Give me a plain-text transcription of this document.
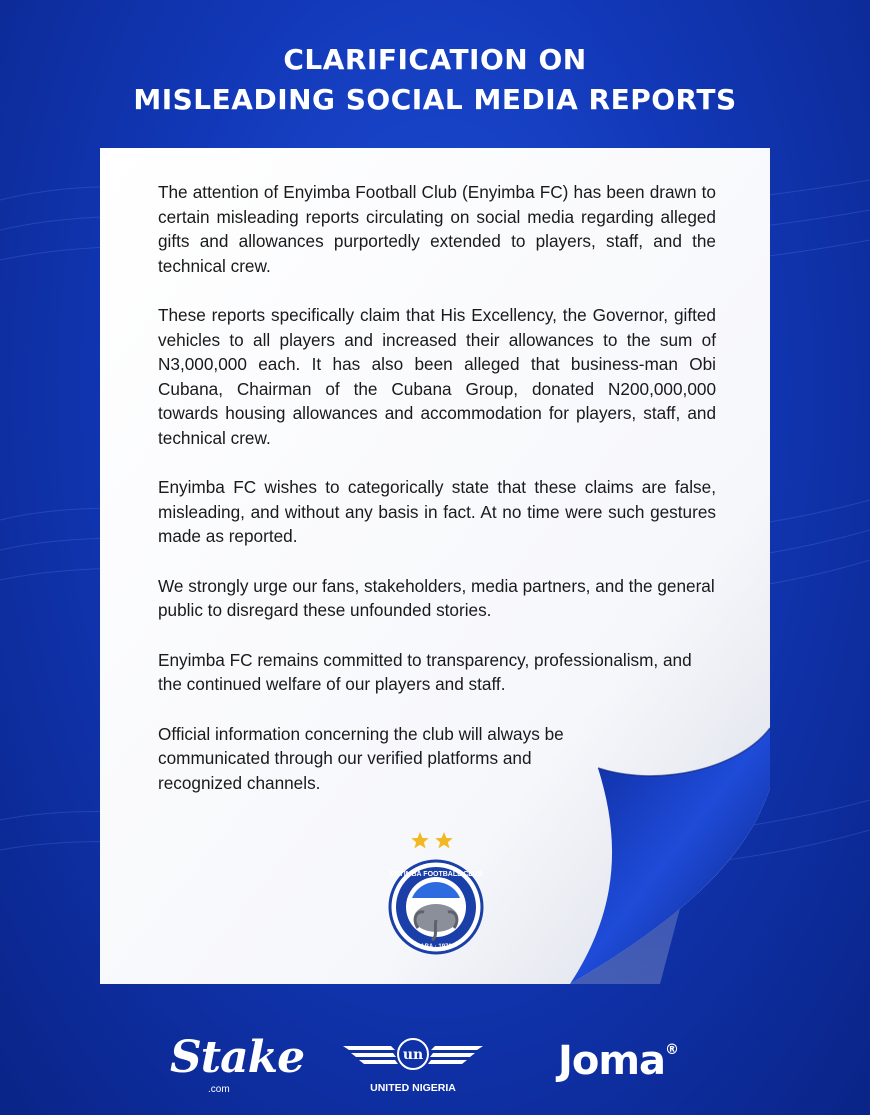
CLARIFICATION ON
MISLEADING SOCIAL MEDIA REPORTS

The attention of Enyimba Football Club (Enyimba FC) has been drawn to certain misleading reports circulating on social media regarding alleged gifts and allowances purportedly extended to players, staff, and the technical crew.

These reports specifically claim that His Excellency, the Governor, gifted vehicles to all players and increased their allowances to the sum of N3,000,000 each. It has also been alleged that business-man Obi Cubana, Chairman of the Cubana Group, donated N200,000,000 towards housing allowances and accommodation for players, staff, and technical crew.

Enyimba FC wishes to categorically state that these claims are false, misleading, and without any basis in fact. At no time were such gestures made as reported.

We strongly urge our fans, stakeholders, media partners, and the general public to disregard these unfounded stories.

Enyimba FC remains committed to transparency, professionalism, and the continued welfare of our players and staff.

Official information concerning the club will always be communicated through our verified platforms and recognized channels.

ENYIMBA FOOTBALL CLUB
ABA · 1976
Stake
.com
un
UNITED NIGERIA
Joma®
